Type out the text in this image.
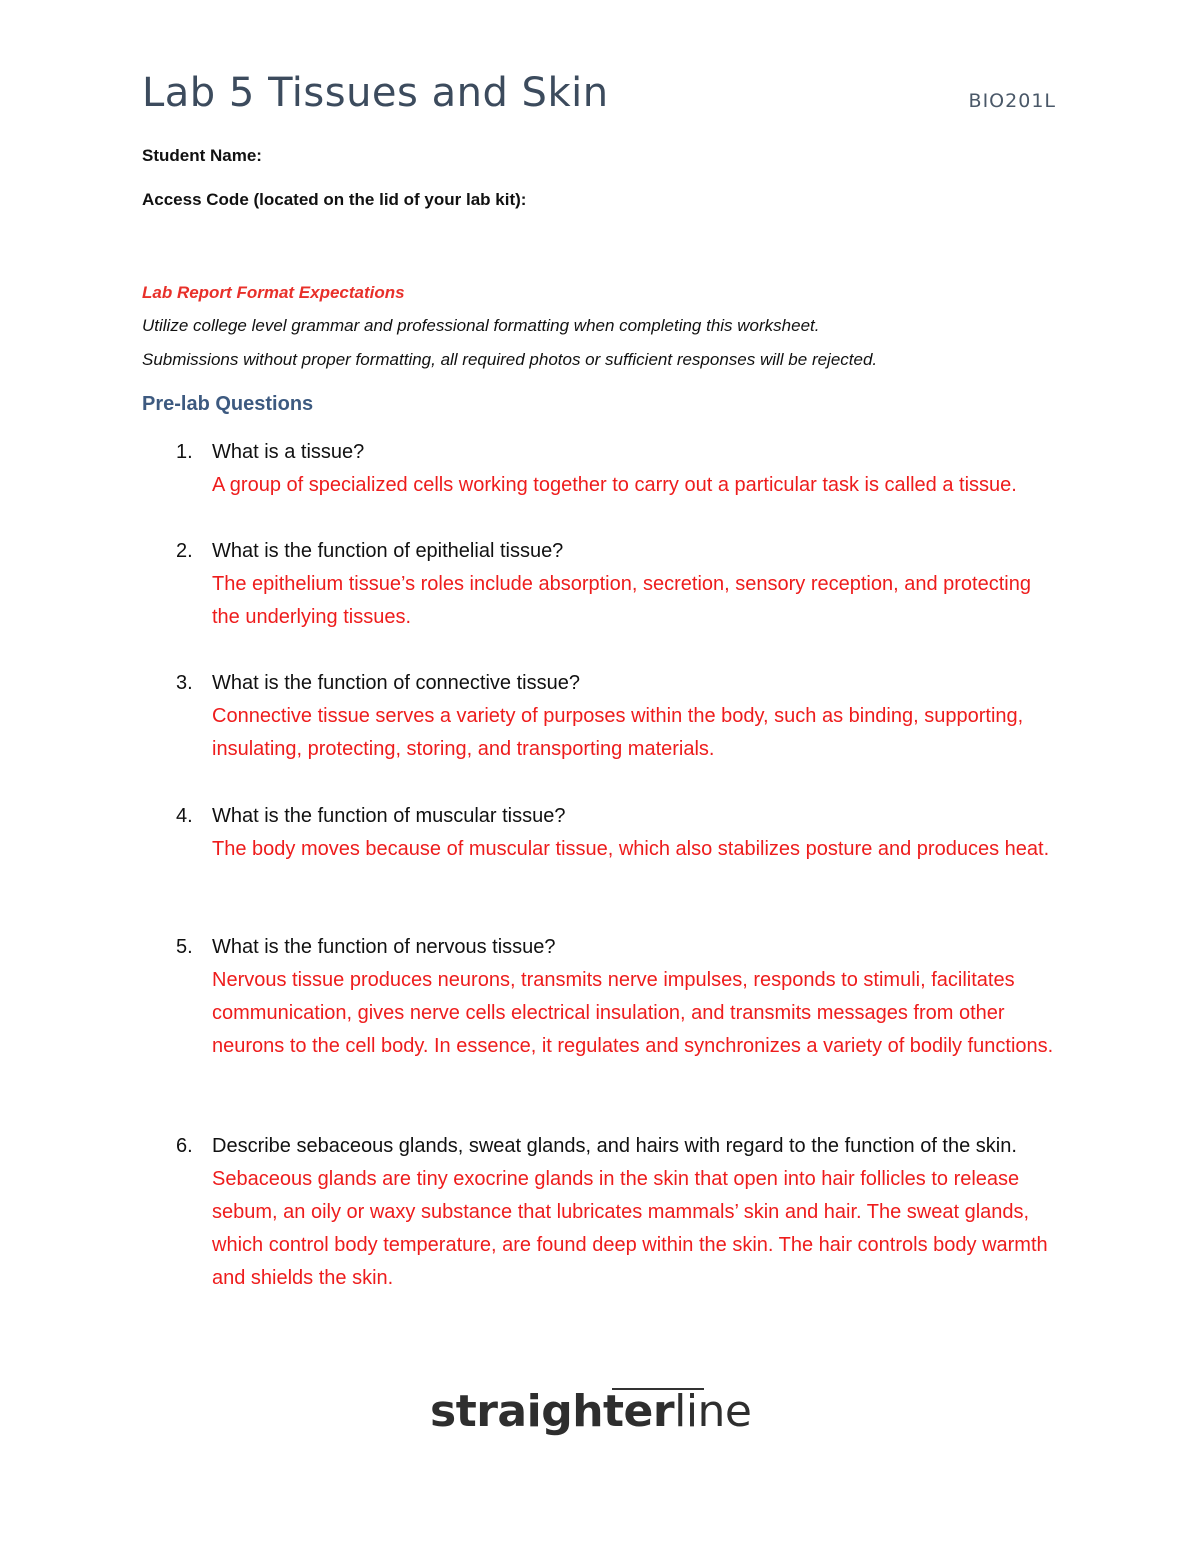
Lab 5 Tissues and Skin	BIO201L
Student Name:
Access Code (located on the lid of your lab kit):
Lab Report Format Expectations
Utilize college level grammar and professional formatting when completing this worksheet.
Submissions without proper formatting, all required photos or sufficient responses will be rejected.
Pre-lab Questions
1. What is a tissue?
A group of specialized cells working together to carry out a particular task is called a tissue.
2. What is the function of epithelial tissue?
The epithelium tissue’s roles include absorption, secretion, sensory reception, and protecting the underlying tissues.
3. What is the function of connective tissue?
Connective tissue serves a variety of purposes within the body, such as binding, supporting, insulating, protecting, storing, and transporting materials.
4. What is the function of muscular tissue?
The body moves because of muscular tissue, which also stabilizes posture and produces heat.
5. What is the function of nervous tissue?
Nervous tissue produces neurons, transmits nerve impulses, responds to stimuli, facilitates communication, gives nerve cells electrical insulation, and transmits messages from other neurons to the cell body. In essence, it regulates and synchronizes a variety of bodily functions.
6. Describe sebaceous glands, sweat glands, and hairs with regard to the function of the skin.
Sebaceous glands are tiny exocrine glands in the skin that open into hair follicles to release sebum, an oily or waxy substance that lubricates mammals’ skin and hair. The sweat glands, which control body temperature, are found deep within the skin. The hair controls body warmth and shields the skin.
straighterline
